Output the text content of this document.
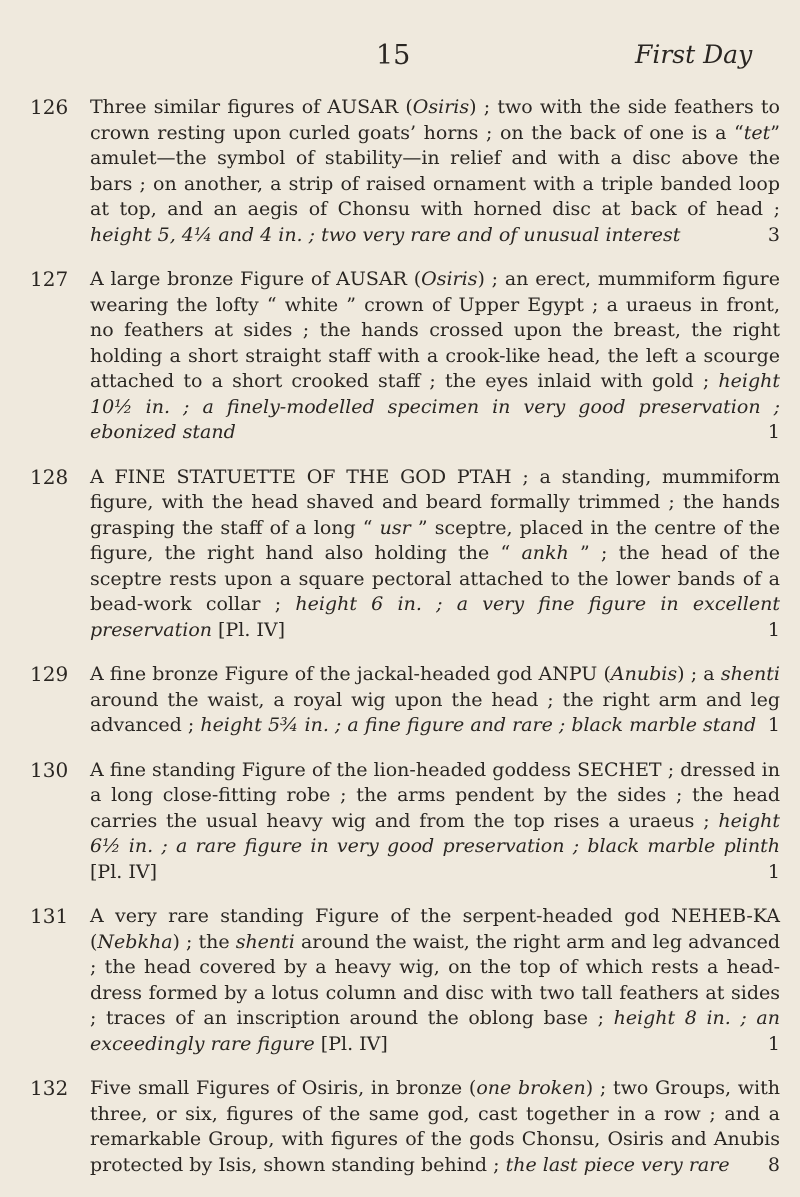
15	First Day
126	Three similar figures of AUSAR (Osiris) ; two with the side feathers to crown resting upon curled goats’ horns ; on the back of one is a “tet” amulet—the symbol of stability—in relief and with a disc above the bars ; on another, a strip of raised ornament with a triple banded loop at top, and an aegis of Chonsu with horned disc at back of head ; height 5, 4¼ and 4 in. ; two very rare and of unusual interest	3
127	A large bronze Figure of AUSAR (Osiris) ; an erect, mummiform figure wearing the lofty “ white ” crown of Upper Egypt ; a uraeus in front, no feathers at sides ; the hands crossed upon the breast, the right holding a short straight staff with a crook-like head, the left a scourge attached to a short crooked staff ; the eyes inlaid with gold ; height 10½ in. ; a finely-modelled specimen in very good preservation ; ebonized stand	1
128	A FINE STATUETTE OF THE GOD PTAH ; a standing, mummiform figure, with the head shaved and beard formally trimmed ; the hands grasping the staff of a long “ usr ” sceptre, placed in the centre of the figure, the right hand also holding the “ ankh ” ; the head of the sceptre rests upon a square pectoral attached to the lower bands of a bead-work collar ; height 6 in. ; a very fine figure in excellent preservation [Pl. IV]	1
129	A fine bronze Figure of the jackal-headed god ANPU (Anubis) ; a shenti around the waist, a royal wig upon the head ; the right arm and leg advanced ; height 5¾ in. ; a fine figure and rare ; black marble stand 1
130	A fine standing Figure of the lion-headed goddess SECHET ; dressed in a long close-fitting robe ; the arms pendent by the sides ; the head carries the usual heavy wig and from the top rises a uraeus ; height 6½ in. ; a rare figure in very good preservation ; black marble plinth [Pl. IV]	1
131	A very rare standing Figure of the serpent-headed god NEHEB-KA (Nebkha) ; the shenti around the waist, the right arm and leg advanced ; the head covered by a heavy wig, on the top of which rests a head-dress formed by a lotus column and disc with two tall feathers at sides ; traces of an inscription around the oblong base ; height 8 in. ; an exceedingly rare figure [Pl. IV]	1
132	Five small Figures of Osiris, in bronze (one broken) ; two Groups, with three, or six, figures of the same god, cast together in a row ; and a remarkable Group, with figures of the gods Chonsu, Osiris and Anubis protected by Isis, shown standing behind ; the last piece very rare 8
